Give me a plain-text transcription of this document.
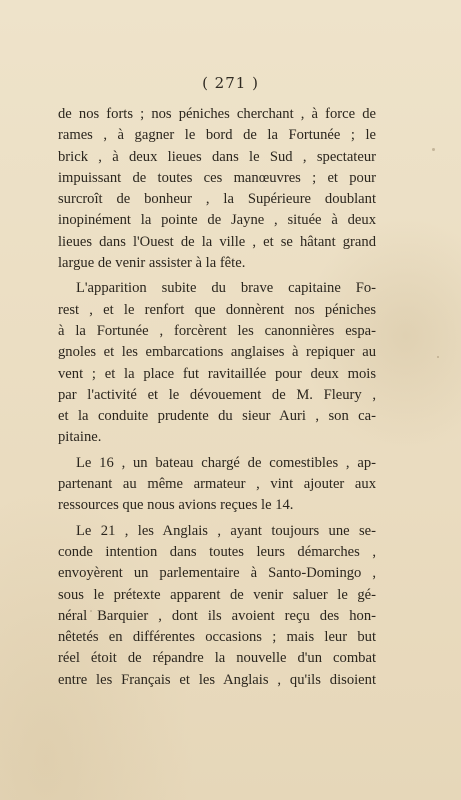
( 271 )
de nos forts ; nos péniches cherchant , à force de
rames , à gagner le bord de la Fortunée ; le
brick , à deux lieues dans le Sud , spectateur
impuissant de toutes ces manœuvres ; et pour
surcroît de bonheur , la Supérieure doublant
inopinément la pointe de Jayne , située à deux
lieues dans l'Ouest de la ville , et se hâtant grand
largue de venir assister à la fête.
L'apparition subite du brave capitaine Fo-
rest , et le renfort que donnèrent nos péniches
à la Fortunée , forcèrent les canonnières espa-
gnoles et les embarcations anglaises à repiquer au
vent ; et la place fut ravitaillée pour deux mois
par l'activité et le dévouement de M. Fleury ,
et la conduite prudente du sieur Auri , son ca-
pitaine.
Le 16 , un bateau chargé de comestibles , ap-
partenant au même armateur , vint ajouter aux
ressources que nous avions reçues le 14.
Le 21 , les Anglais , ayant toujours une se-
conde intention dans toutes leurs démarches ,
envoyèrent un parlementaire à Santo-Domingo ,
sous le prétexte apparent de venir saluer le gé-
néral Barquier , dont ils avoient reçu des hon-
nêtetés en différentes occasions ; mais leur but
réel étoit de répandre la nouvelle d'un combat
entre les Français et les Anglais , qu'ils disoient
